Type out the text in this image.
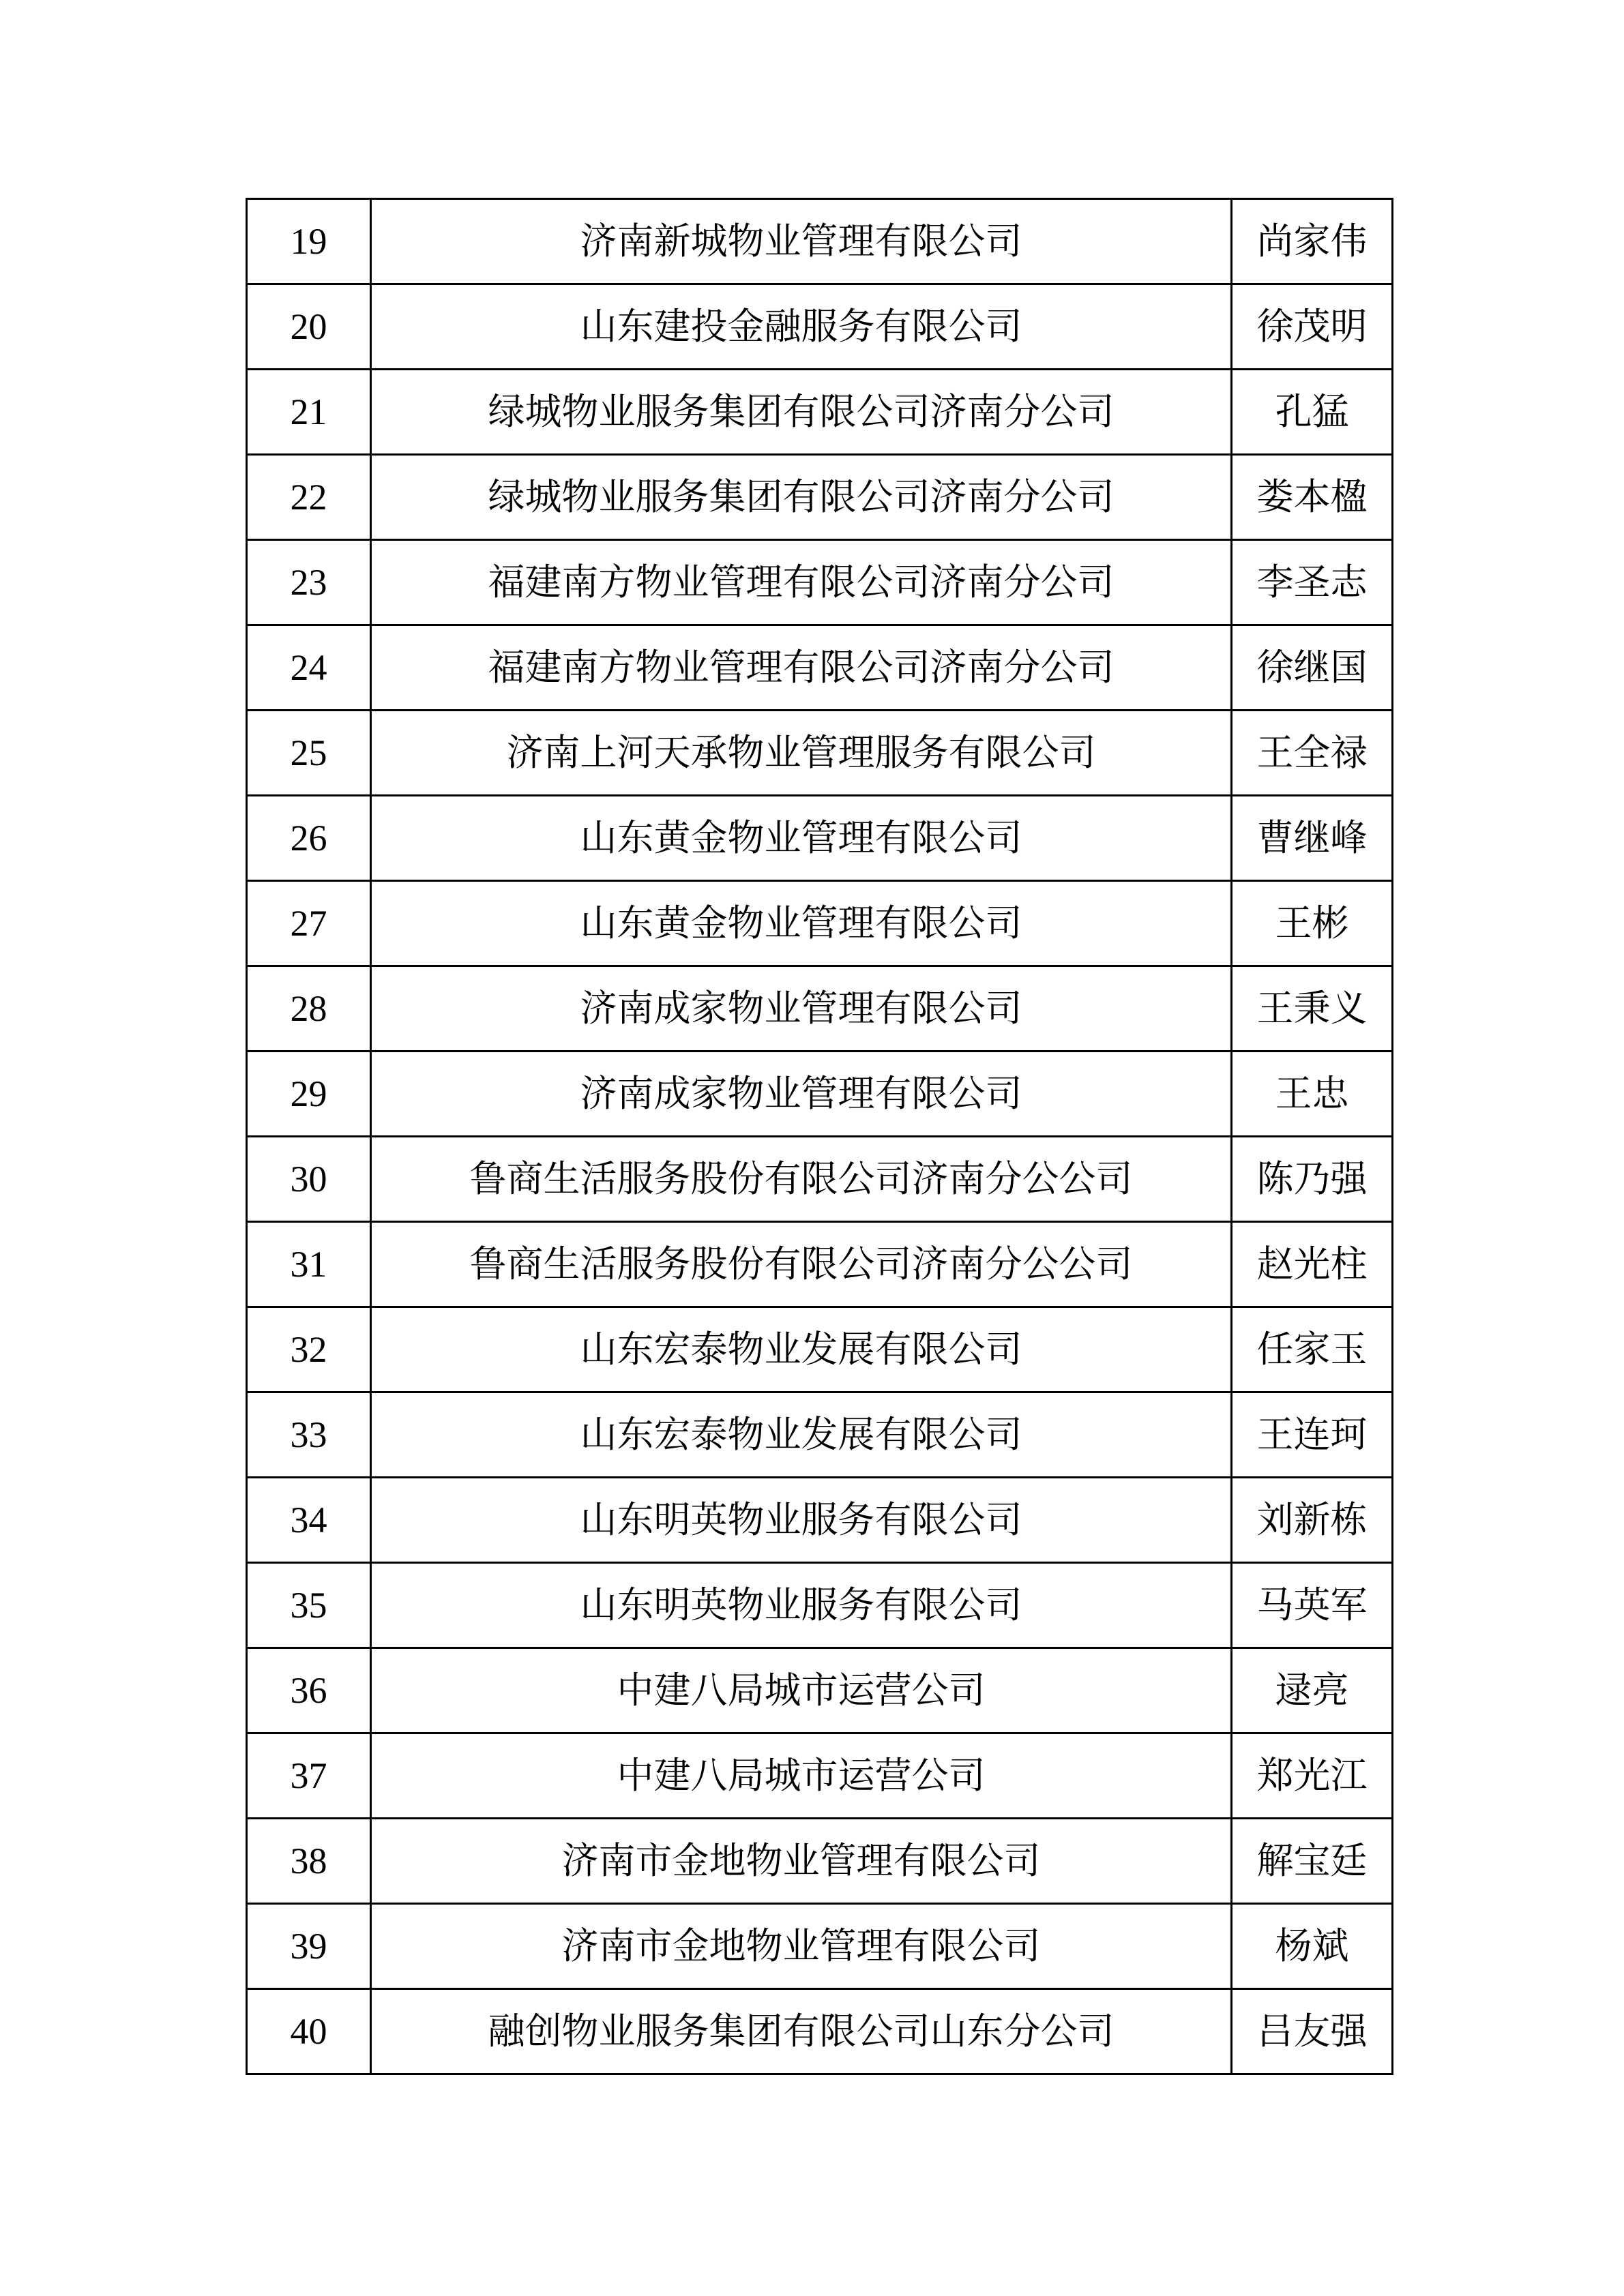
19	济南新城物业管理有限公司	尚家伟
20	山东建投金融服务有限公司	徐茂明
21	绿城物业服务集团有限公司济南分公司	孔猛
22	绿城物业服务集团有限公司济南分公司	娄本楹
23	福建南方物业管理有限公司济南分公司	李圣志
24	福建南方物业管理有限公司济南分公司	徐继国
25	济南上河天承物业管理服务有限公司	王全禄
26	山东黄金物业管理有限公司	曹继峰
27	山东黄金物业管理有限公司	王彬
28	济南成家物业管理有限公司	王秉义
29	济南成家物业管理有限公司	王忠
30	鲁商生活服务股份有限公司济南分公公司	陈乃强
31	鲁商生活服务股份有限公司济南分公公司	赵光柱
32	山东宏泰物业发展有限公司	任家玉
33	山东宏泰物业发展有限公司	王连珂
34	山东明英物业服务有限公司	刘新栋
35	山东明英物业服务有限公司	马英军
36	中建八局城市运营公司	逯亮
37	中建八局城市运营公司	郑光江
38	济南市金地物业管理有限公司	解宝廷
39	济南市金地物业管理有限公司	杨斌
40	融创物业服务集团有限公司山东分公司	吕友强
